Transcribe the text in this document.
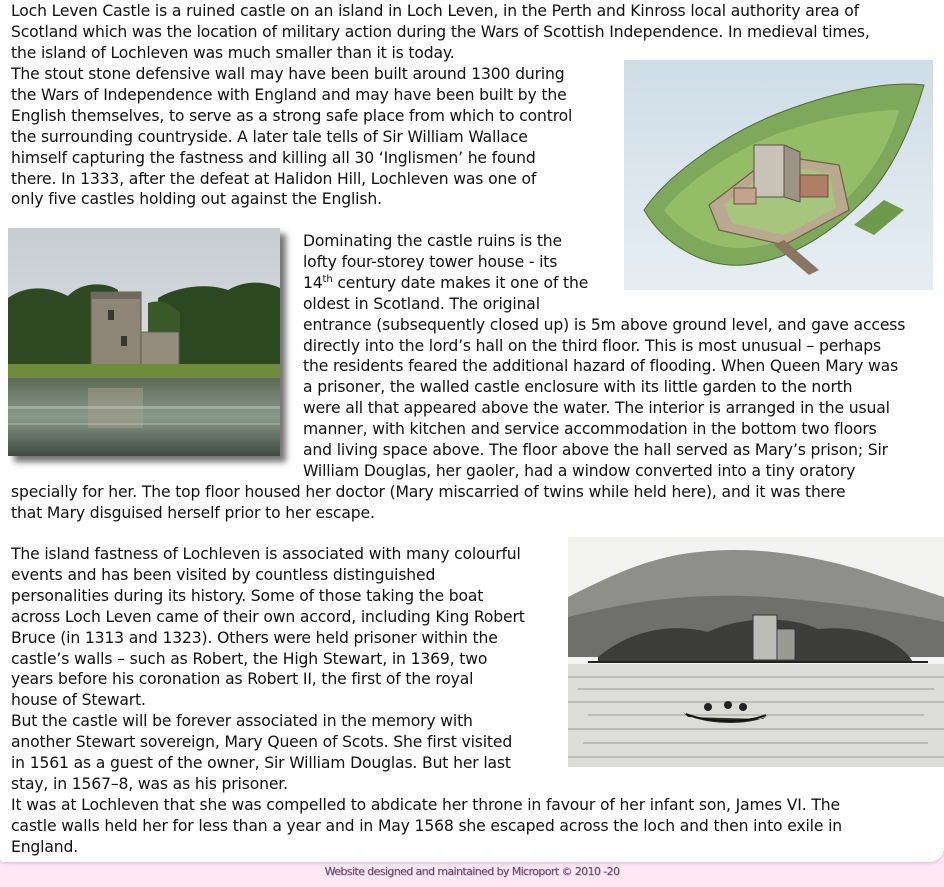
Loch Leven Castle is a ruined castle on an island in Loch Leven, in the Perth and Kinross local authority area of
Scotland which was the location of military action during the Wars of Scottish Independence. In medieval times,
the island of Lochleven was much smaller than it is today.

The stout stone defensive wall may have been built around 1300 during
the Wars of Independence with England and may have been built by the
English themselves, to serve as a strong safe place from which to control
the surrounding countryside. A later tale tells of Sir William Wallace
himself capturing the fastness and killing all 30 ‘Inglismen’ he found
there. In 1333, after the defeat at Halidon Hill, Lochleven was one of
only five castles holding out against the English.

Dominating the castle ruins is the
lofty four-storey tower house - its
14th century date makes it one of the
oldest in Scotland. The original
entrance (subsequently closed up) is 5m above ground level, and gave access
directly into the lord’s hall on the third floor. This is most unusual – perhaps
the residents feared the additional hazard of flooding. When Queen Mary was
a prisoner, the walled castle enclosure with its little garden to the north
were all that appeared above the water. The interior is arranged in the usual
manner, with kitchen and service accommodation in the bottom two floors
and living space above. The floor above the hall served as Mary’s prison; Sir
William Douglas, her gaoler, had a window converted into a tiny oratory

specially for her. The top floor housed her doctor (Mary miscarried of twins while held here), and it was there
that Mary disguised herself prior to her escape.

The island fastness of Lochleven is associated with many colourful
events and has been visited by countless distinguished
personalities during its history. Some of those taking the boat
across Loch Leven came of their own accord, including King Robert
Bruce (in 1313 and 1323). Others were held prisoner within the
castle’s walls – such as Robert, the High Stewart, in 1369, two
years before his coronation as Robert II, the first of the royal
house of Stewart.

But the castle will be forever associated in the memory with
another Stewart sovereign, Mary Queen of Scots. She first visited
in 1561 as a guest of the owner, Sir William Douglas. But her last
stay, in 1567–8, was as his prisoner.

It was at Lochleven that she was compelled to abdicate her throne in favour of her infant son, James VI. The
castle walls held her for less than a year and in May 1568 she escaped across the loch and then into exile in
England.

Website designed and maintained by Microport © 2010 -20
